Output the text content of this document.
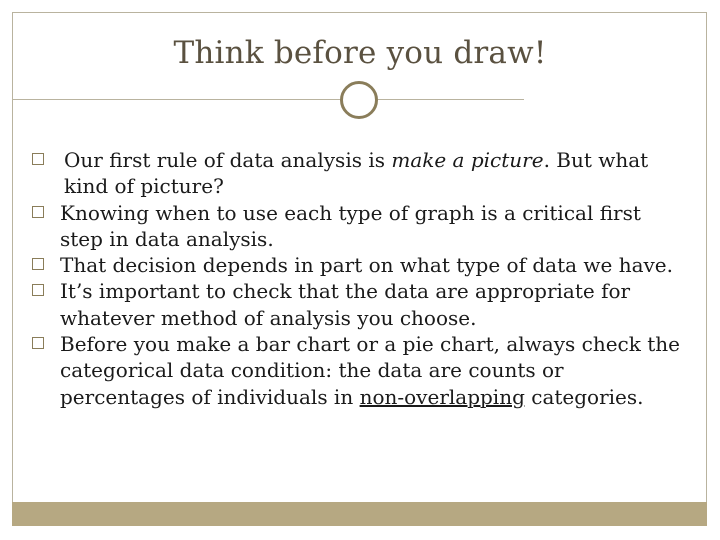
Think before you draw!
Our first rule of data analysis is make a picture. But what kind of picture?
Knowing when to use each type of graph is a critical first step in data analysis.
That decision depends in part on what type of data we have.
It’s important to check that the data are appropriate for whatever method of analysis you choose.
Before you make a bar chart or a pie chart, always check the categorical data condition: the data are counts or percentages of individuals in non-overlapping categories.
